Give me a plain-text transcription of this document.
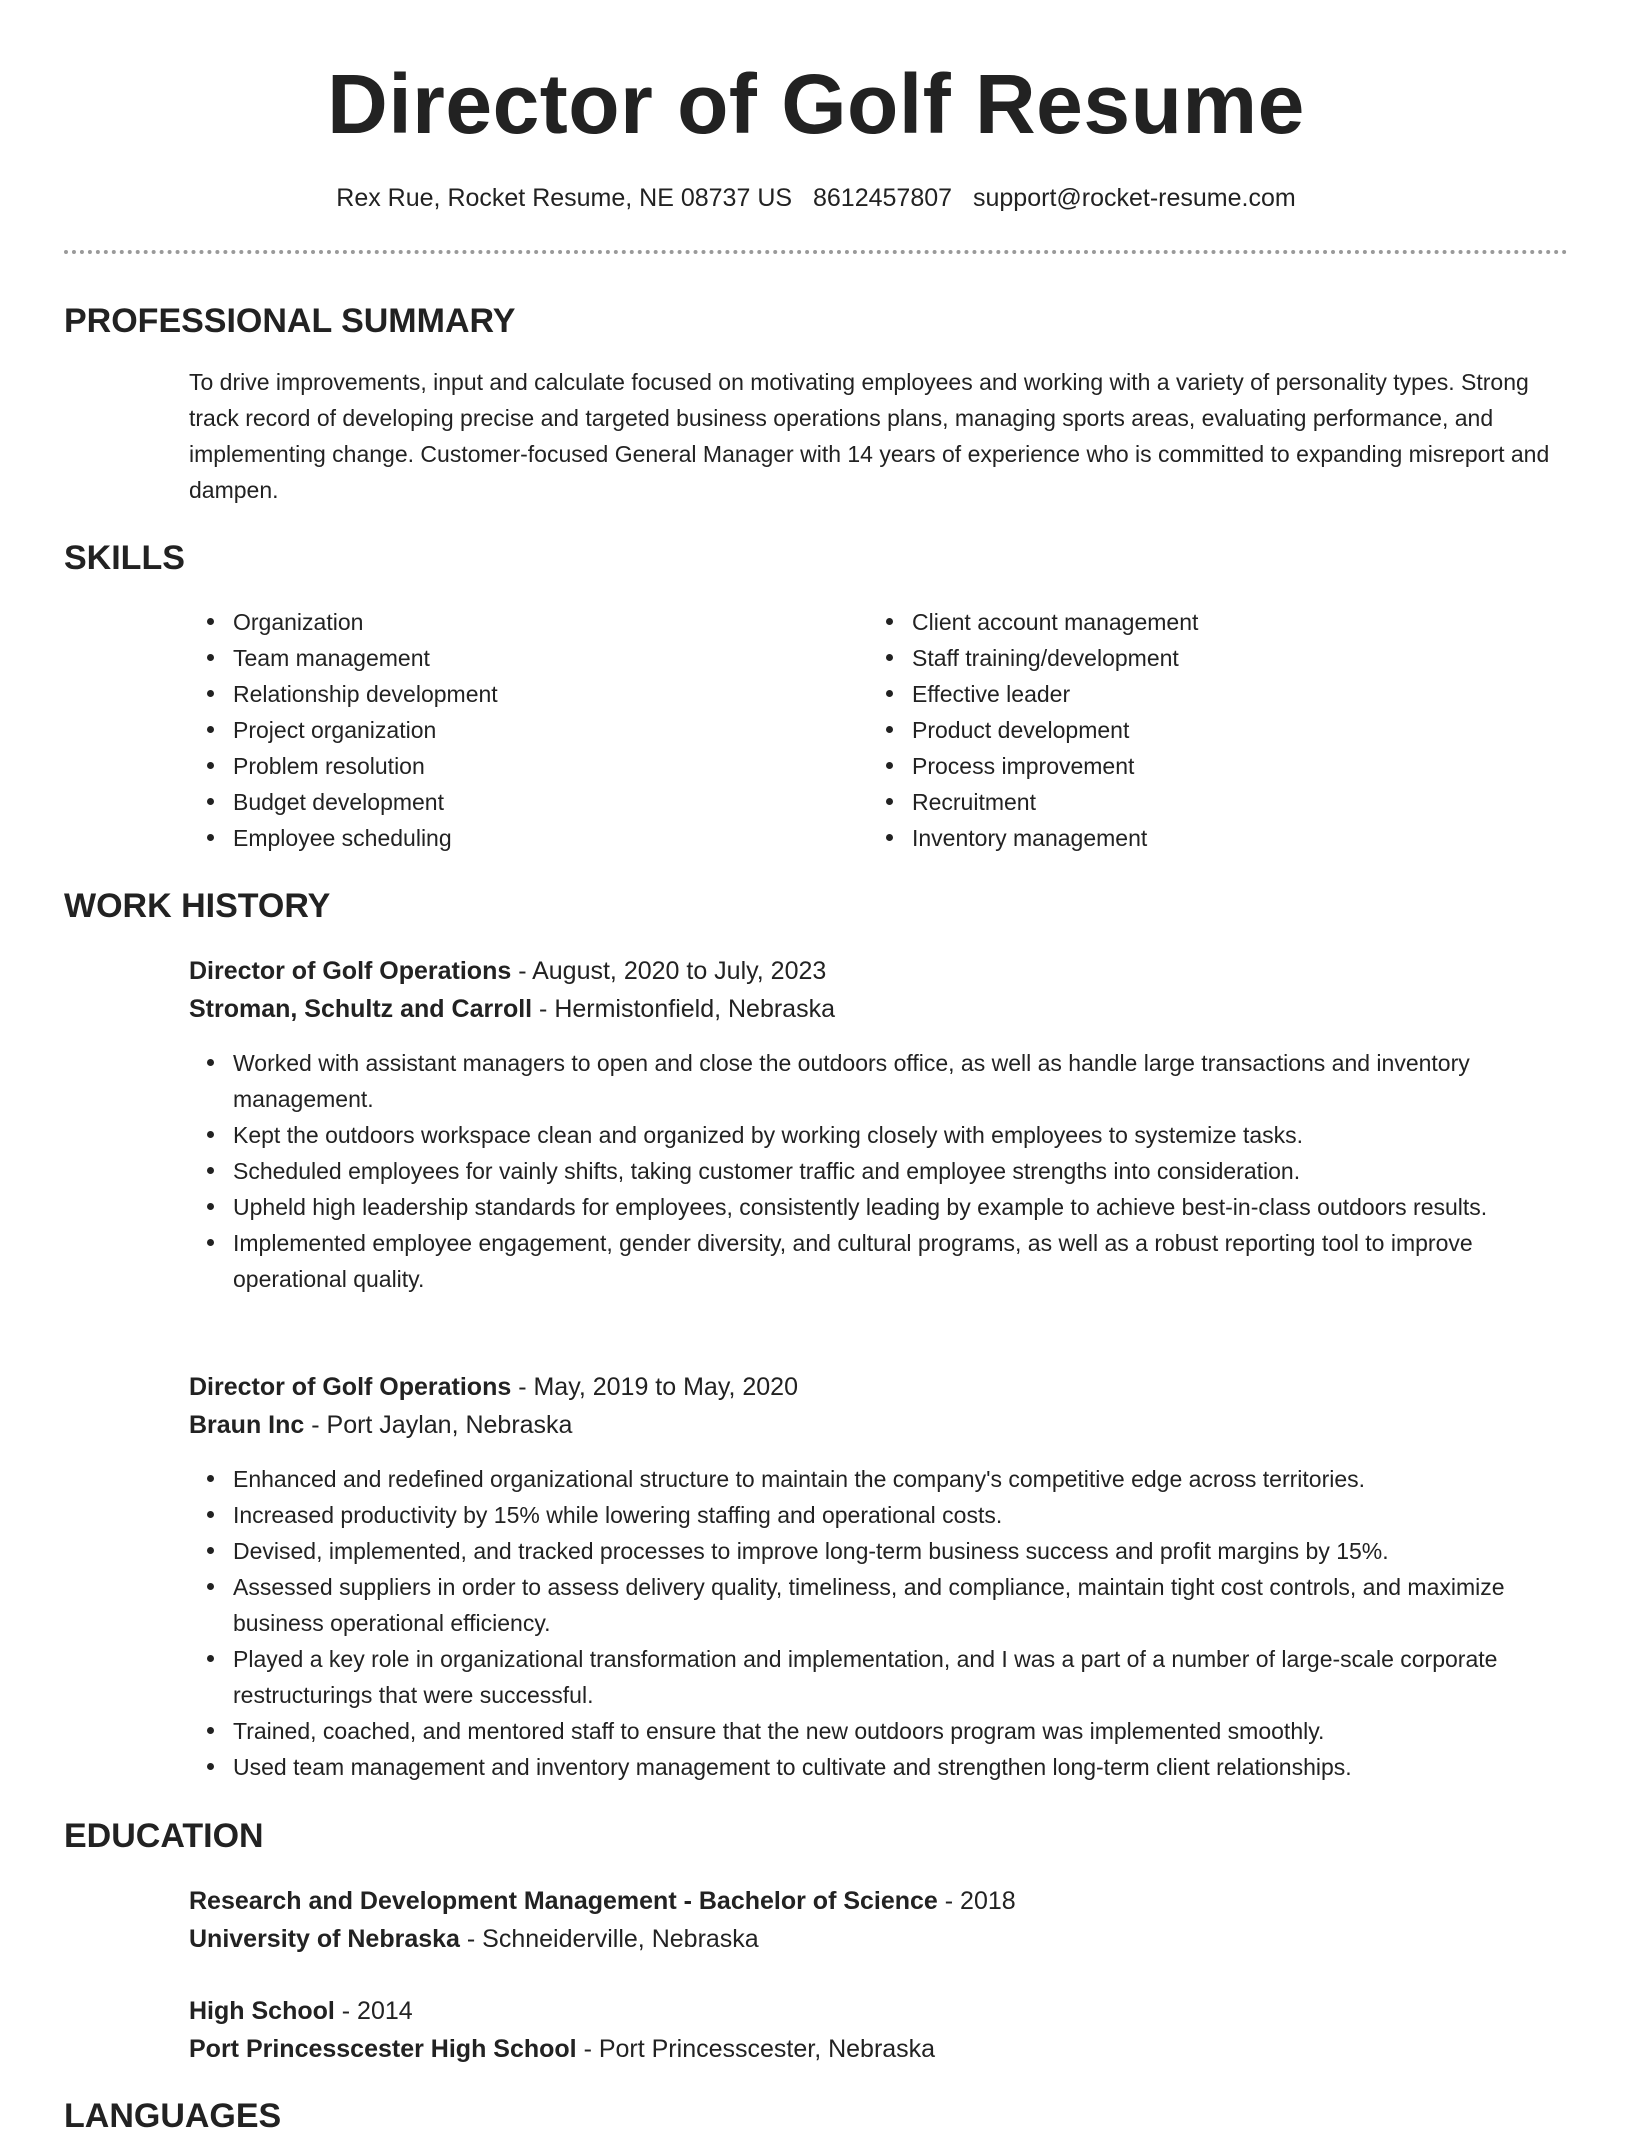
Director of Golf Resume
Rex Rue, Rocket Resume, NE 08737 US 8612457807 support@rocket-resume.com
PROFESSIONAL SUMMARY

To drive improvements, input and calculate focused on motivating employees and working with a variety of personality types. Strong track record of developing precise and targeted business operations plans, managing sports areas, evaluating performance, and implementing change. Customer-focused General Manager with 14 years of experience who is committed to expanding misreport and dampen.

SKILLS
Organization
Team management
Relationship development
Project organization
Problem resolution
Budget development
Employee scheduling
Client account management
Staff training/development
Effective leader
Product development
Process improvement
Recruitment
Inventory management
WORK HISTORY
Director of Golf Operations - August, 2020 to July, 2023
Stroman, Schultz and Carroll - Hermistonfield, Nebraska
Worked with assistant managers to open and close the outdoors office, as well as handle large transactions and inventory management.
Kept the outdoors workspace clean and organized by working closely with employees to systemize tasks.
Scheduled employees for vainly shifts, taking customer traffic and employee strengths into consideration.
Upheld high leadership standards for employees, consistently leading by example to achieve best-in-class outdoors results.
Implemented employee engagement, gender diversity, and cultural programs, as well as a robust reporting tool to improve operational quality.
Director of Golf Operations - May, 2019 to May, 2020
Braun Inc - Port Jaylan, Nebraska
Enhanced and redefined organizational structure to maintain the company's competitive edge across territories.
Increased productivity by 15% while lowering staffing and operational costs.
Devised, implemented, and tracked processes to improve long-term business success and profit margins by 15%.
Assessed suppliers in order to assess delivery quality, timeliness, and compliance, maintain tight cost controls, and maximize business operational efficiency.
Played a key role in organizational transformation and implementation, and I was a part of a number of large-scale corporate restructurings that were successful.
Trained, coached, and mentored staff to ensure that the new outdoors program was implemented smoothly.
Used team management and inventory management to cultivate and strengthen long-term client relationships.
EDUCATION
Research and Development Management - Bachelor of Science - 2018
University of Nebraska - Schneiderville, Nebraska
High School - 2014
Port Princesscester High School - Port Princesscester, Nebraska
LANGUAGES
